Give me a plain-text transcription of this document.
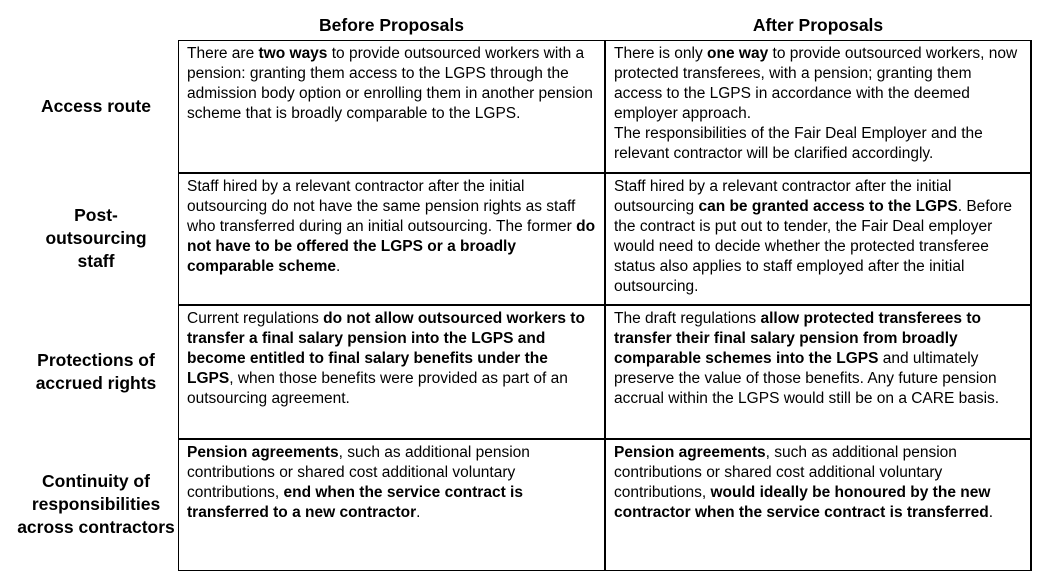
Before Proposals	After Proposals
Access route
Post-outsourcing staff
Protections of accrued rights
Continuity of responsibilities across contractors
There are two ways to provide outsourced workers with a pension: granting them access to the LGPS through the admission body option or enrolling them in another pension scheme that is broadly comparable to the LGPS.
There is only one way to provide outsourced workers, now protected transferees, with a pension; granting them access to the LGPS in accordance with the deemed employer approach.
The responsibilities of the Fair Deal Employer and the relevant contractor will be clarified accordingly.
Staff hired by a relevant contractor after the initial outsourcing do not have the same pension rights as staff who transferred during an initial outsourcing. The former do not have to be offered the LGPS or a broadly comparable scheme.
Staff hired by a relevant contractor after the initial outsourcing can be granted access to the LGPS. Before the contract is put out to tender, the Fair Deal employer would need to decide whether the protected transferee status also applies to staff employed after the initial outsourcing.
Current regulations do not allow outsourced workers to transfer a final salary pension into the LGPS and become entitled to final salary benefits under the LGPS, when those benefits were provided as part of an outsourcing agreement.
The draft regulations allow protected transferees to transfer their final salary pension from broadly comparable schemes into the LGPS and ultimately preserve the value of those benefits. Any future pension accrual within the LGPS would still be on a CARE basis.
Pension agreements, such as additional pension contributions or shared cost additional voluntary contributions, end when the service contract is transferred to a new contractor.
Pension agreements, such as additional pension contributions or shared cost additional voluntary contributions, would ideally be honoured by the new contractor when the service contract is transferred.
